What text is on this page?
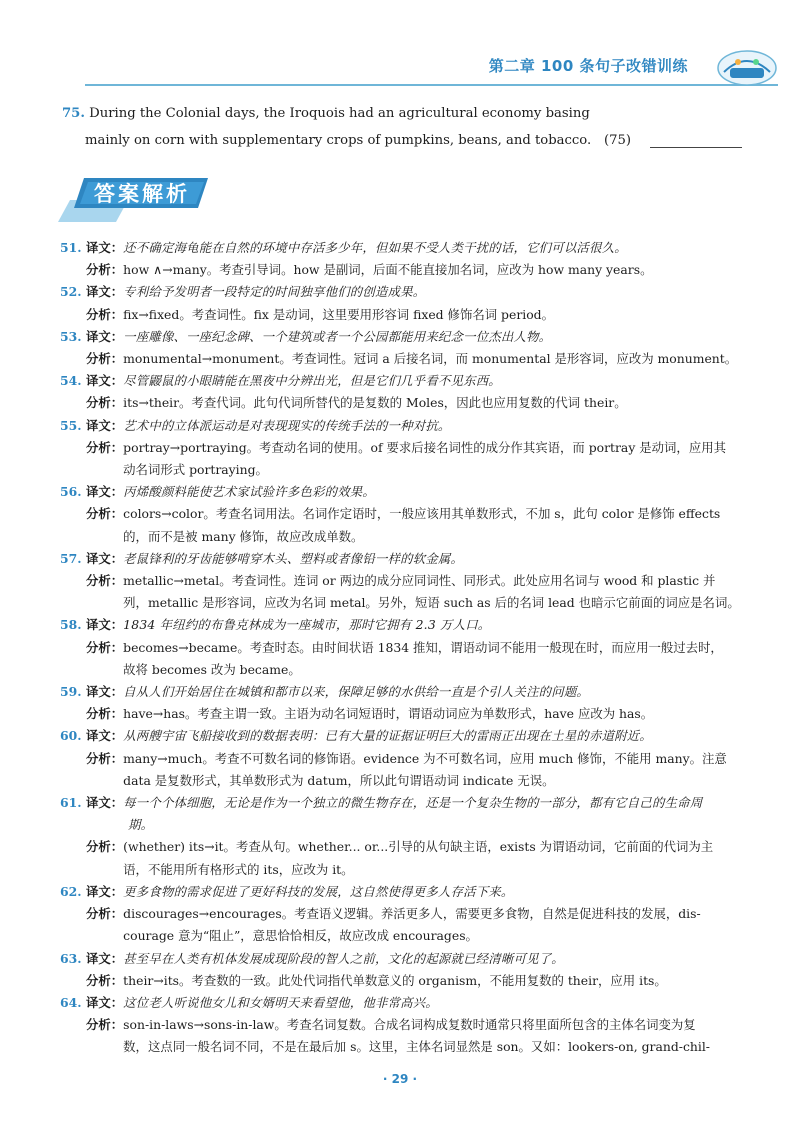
第二章 100 条句子改错训练
75. During the Colonial days, the Iroquois had an agricultural economy basing
mainly on corn with supplementary crops of pumpkins, beans, and tobacco. (75)
答案解析
51. 译文： 还不确定海龟能在自然的环境中存活多少年，但如果不受人类干扰的话，它们可以活很久。
分析： how ∧→many。考查引导词。how 是副词，后面不能直接加名词，应改为 how many years。
52. 译文： 专利给予发明者一段特定的时间独享他们的创造成果。
分析： fix→fixed。考查词性。fix 是动词，这里要用形容词 fixed 修饰名词 period。
53. 译文： 一座雕像、一座纪念碑、一个建筑或者一个公园都能用来纪念一位杰出人物。
分析： monumental→monument。考查词性。冠词 a 后接名词，而 monumental 是形容词，应改为 monument。
54. 译文： 尽管鼹鼠的小眼睛能在黑夜中分辨出光，但是它们几乎看不见东西。
分析： its→their。考查代词。此句代词所替代的是复数的 Moles，因此也应用复数的代词 their。
55. 译文： 艺术中的立体派运动是对表现现实的传统手法的一种对抗。
分析： portray→portraying。考查动名词的使用。of 要求后接名词性的成分作其宾语，而 portray 是动词，应用其
动名词形式 portraying。
56. 译文： 丙烯酸颜料能使艺术家试验许多色彩的效果。
分析： colors→color。考查名词用法。名词作定语时，一般应该用其单数形式，不加 s，此句 color 是修饰 effects
的，而不是被 many 修饰，故应改成单数。
57. 译文： 老鼠锋利的牙齿能够啃穿木头、塑料或者像铅一样的软金属。
分析： metallic→metal。考查词性。连词 or 两边的成分应同词性、同形式。此处应用名词与 wood 和 plastic 并
列，metallic 是形容词，应改为名词 metal。另外，短语 such as 后的名词 lead 也暗示它前面的词应是名词。
58. 译文： 1834 年纽约的布鲁克林成为一座城市，那时它拥有 2.3 万人口。
分析： becomes→became。考查时态。由时间状语 1834 推知，谓语动词不能用一般现在时，而应用一般过去时，
故将 becomes 改为 became。
59. 译文： 自从人们开始居住在城镇和都市以来，保障足够的水供给一直是个引人关注的问题。
分析： have→has。考查主谓一致。主语为动名词短语时，谓语动词应为单数形式，have 应改为 has。
60. 译文： 从两艘宇宙飞船接收到的数据表明：已有大量的证据证明巨大的雷雨正出现在土星的赤道附近。
分析： many→much。考查不可数名词的修饰语。evidence 为不可数名词，应用 much 修饰，不能用 many。注意
data 是复数形式，其单数形式为 datum，所以此句谓语动词 indicate 无误。
61. 译文： 每一个个体细胞，无论是作为一个独立的微生物存在，还是一个复杂生物的一部分，都有它自己的生命周
期。
分析： (whether) its→it。考查从句。whether... or...引导的从句缺主语，exists 为谓语动词，它前面的代词为主
语，不能用所有格形式的 its，应改为 it。
62. 译文： 更多食物的需求促进了更好科技的发展，这自然使得更多人存活下来。
分析： discourages→encourages。考查语义逻辑。养活更多人，需要更多食物，自然是促进科技的发展，dis-
courage 意为“阻止”，意思恰恰相反，故应改成 encourages。
63. 译文： 甚至早在人类有机体发展成现阶段的智人之前，文化的起源就已经清晰可见了。
分析： their→its。考查数的一致。此处代词指代单数意义的 organism，不能用复数的 their，应用 its。
64. 译文： 这位老人听说他女儿和女婿明天来看望他，他非常高兴。
分析： son-in-laws→sons-in-law。考查名词复数。合成名词构成复数时通常只将里面所包含的主体名词变为复
数，这点同一般名词不同，不是在最后加 s。这里，主体名词显然是 son。又如：lookers-on, grand-chil-
· 29 ·
